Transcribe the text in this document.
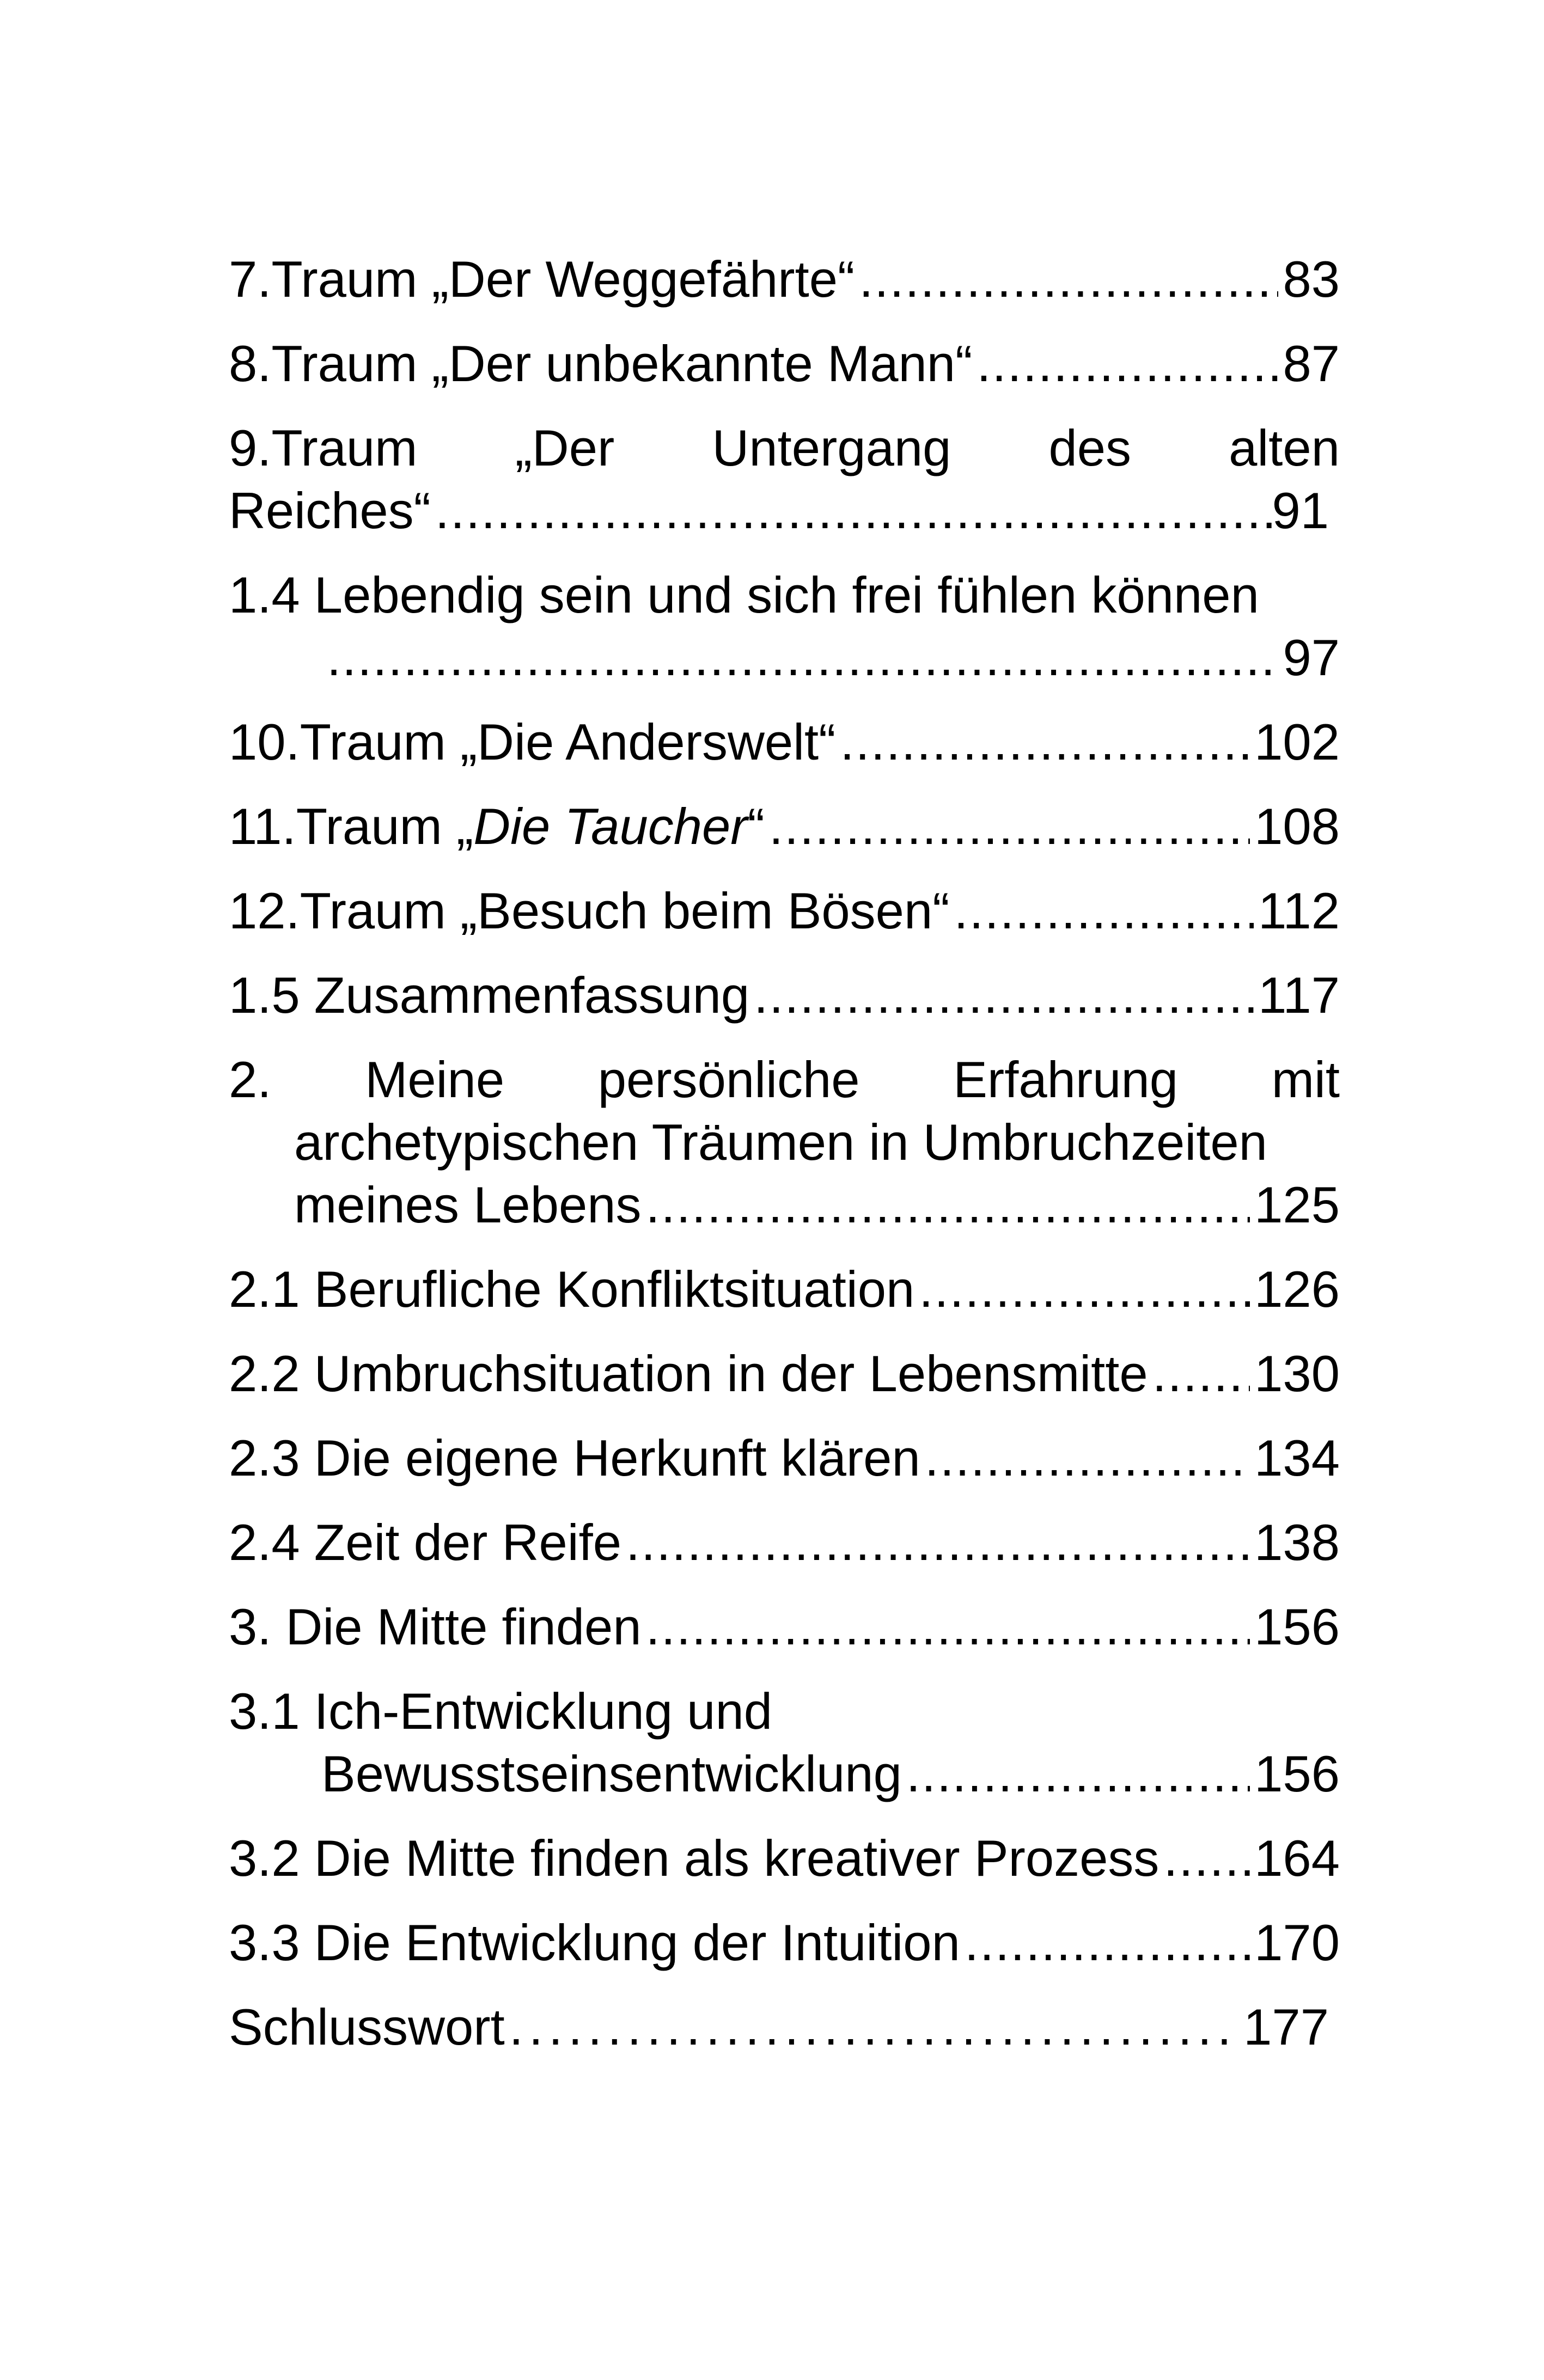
7.Traum „Der Weggefährte“ .....	83
8.Traum „Der unbekannte Mann“ .....	87
9.Traum „Der Untergang des alten
Reiches“ .....	91
1.4 Lebendig sein und sich frei fühlen können
.....
97
10.Traum „Die Anderswelt“ .....	102
11.Traum „Die Taucher“ .....	108
12.Traum „Besuch beim Bösen“ .....	112
1.5 Zusammenfassung .....	117
2. Meine persönliche Erfahrung mit
archetypischen Träumen in Umbruchzeiten
meines Lebens .....	125
2.1 Berufliche Konfliktsituation .....	126
2.2 Umbruchsituation in der Lebensmitte ..... 130
2.3 Die eigene Herkunft klären .....	134
2.4 Zeit der Reife .....	138
3. Die Mitte finden .....	156
3.1 Ich-Entwicklung und
Bewusstseinsentwicklung .....	156
3.2 Die Mitte finden als kreativer Prozess ..... 164
3.3 Die Entwicklung der Intuition .....	170
Schlusswort .....	177
